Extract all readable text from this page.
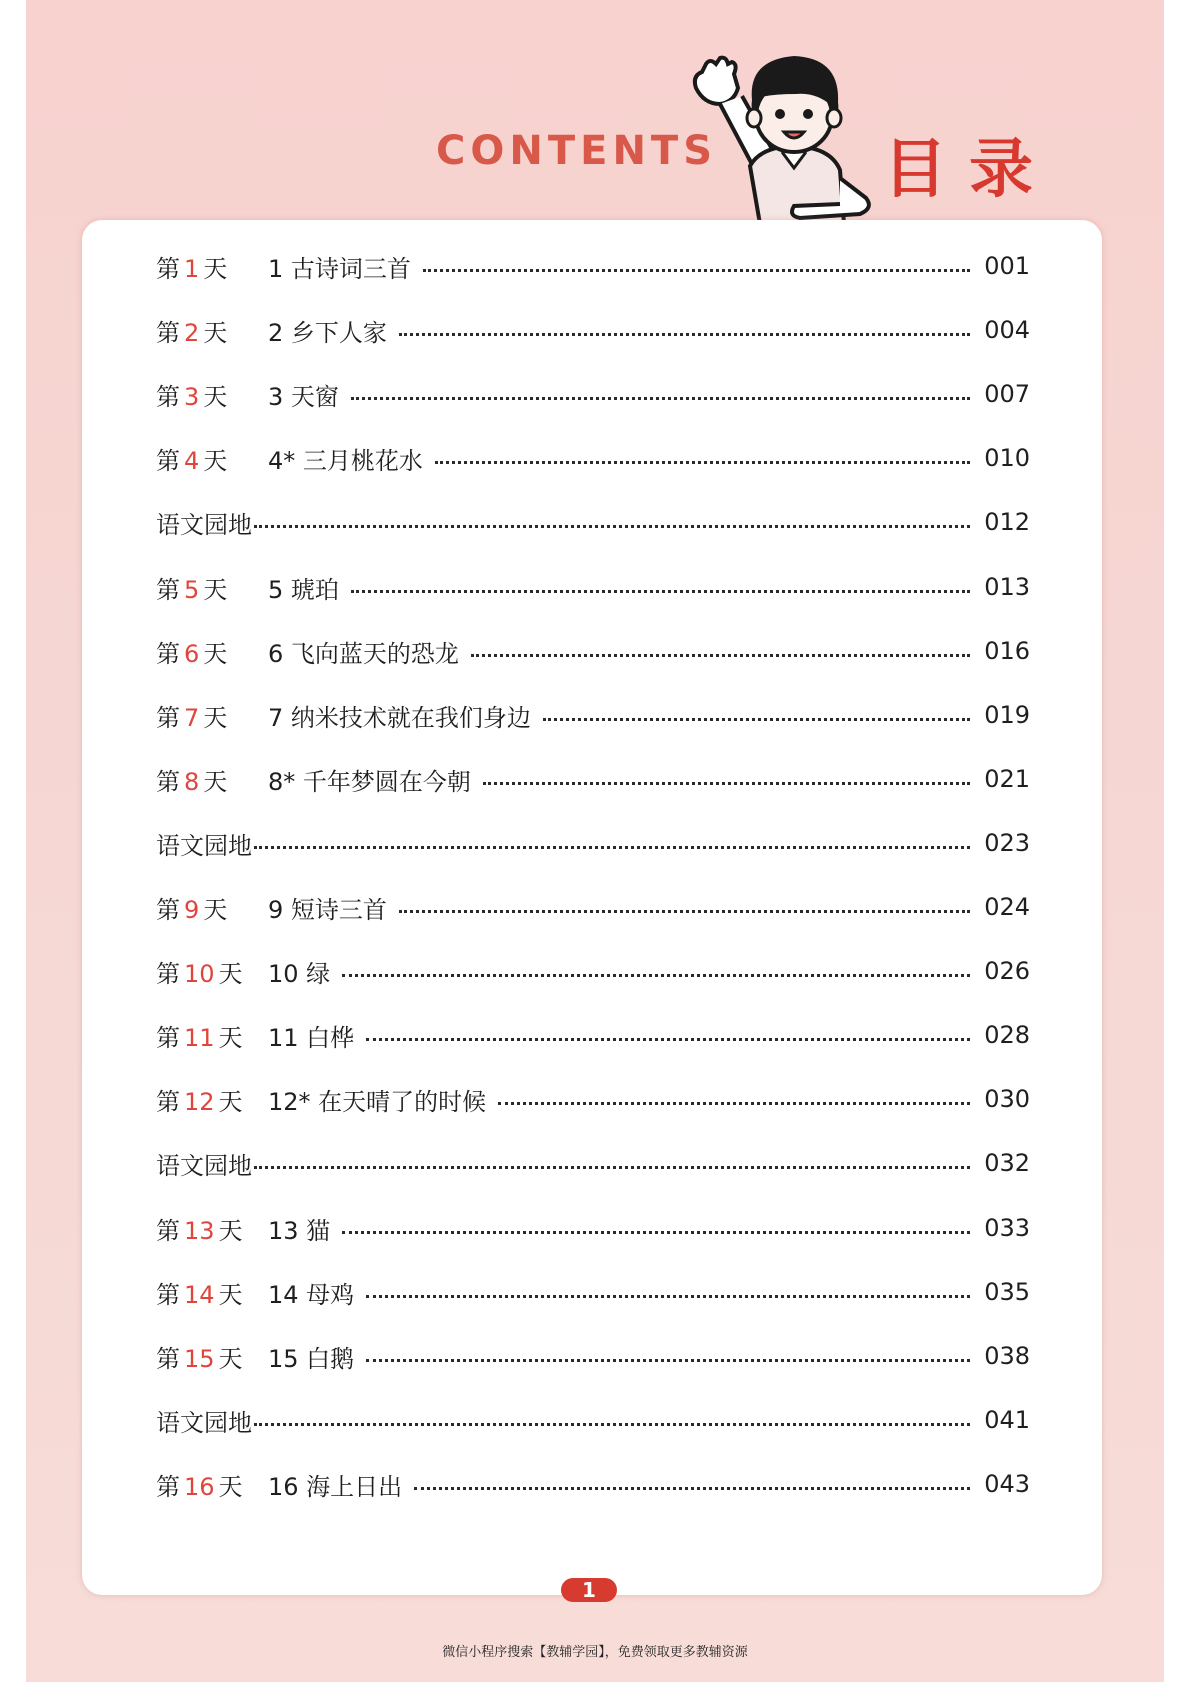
CONTENTS	目录
第 1 天	1 古诗词三首	001
第 2 天	2 乡下人家	004
第 3 天	3 天窗	007
第 4 天	4* 三月桃花水	010
语文园地	012
第 5 天	5 琥珀	013
第 6 天	6 飞向蓝天的恐龙	016
第 7 天	7 纳米技术就在我们身边	019
第 8 天	8* 千年梦圆在今朝	021
语文园地	023
第 9 天	9 短诗三首	024
第 10 天	10 绿	026
第 11 天	11 白桦	028
第 12 天	12* 在天晴了的时候	030
语文园地	032
第 13 天	13 猫	033
第 14 天	14 母鸡	035
第 15 天	15 白鹅	038
语文园地	041
第 16 天	16 海上日出	043
1
微信小程序搜索【教辅学园】，免费领取更多教辅资源
